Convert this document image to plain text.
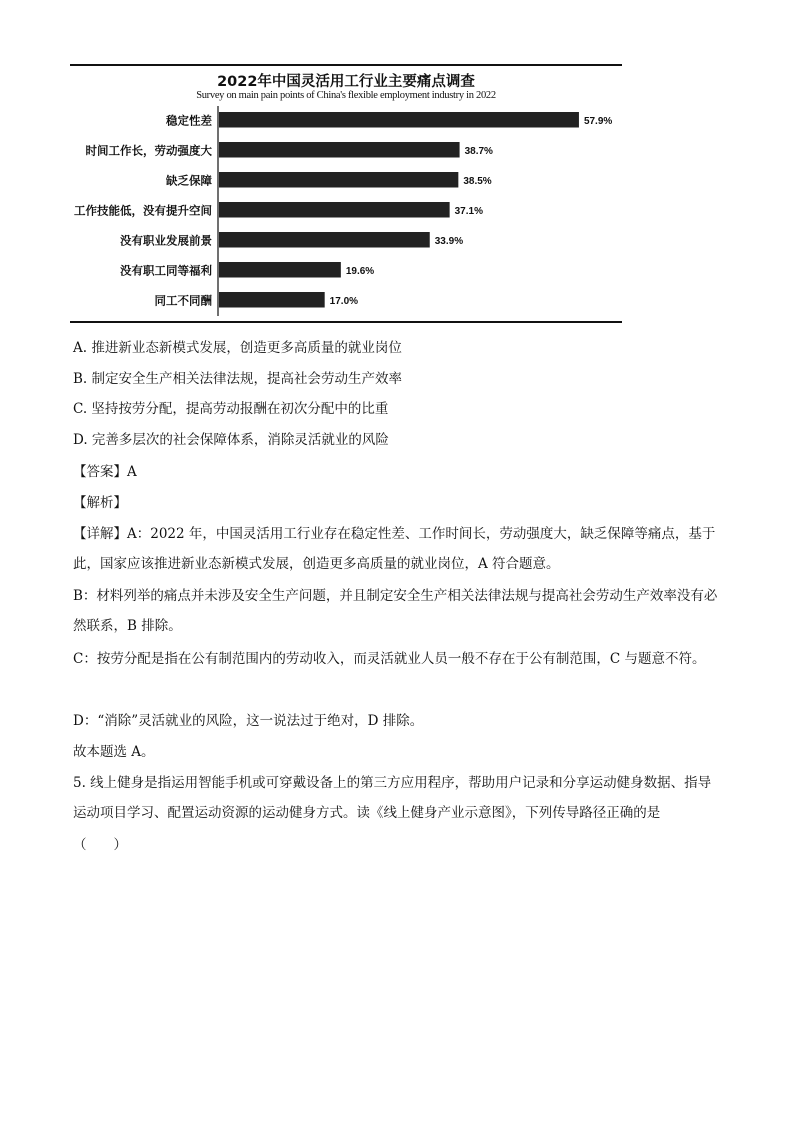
2022年中国灵活用工行业主要痛点调查
Survey on main pain points of China's flexible employment industry in 2022
稳定性差	57.9%
时间工作长，劳动强度大	38.7%
缺乏保障	38.5%
工作技能低，没有提升空间	37.1%
没有职业发展前景	33.9%
没有职工同等福利	19.6%
同工不同酬	17.0%
A. 推进新业态新模式发展，创造更多高质量的就业岗位
B. 制定安全生产相关法律法规，提高社会劳动生产效率
C. 坚持按劳分配，提高劳动报酬在初次分配中的比重
D. 完善多层次的社会保障体系，消除灵活就业的风险
【答案】A
【解析】
【详解】A：2022 年，中国灵活用工行业存在稳定性差、工作时间长，劳动强度大，缺乏保障等痛点，基于此，国家应该推进新业态新模式发展，创造更多高质量的就业岗位，A 符合题意。
B：材料列举的痛点并未涉及安全生产问题，并且制定安全生产相关法律法规与提高社会劳动生产效率没有必然联系，B 排除。
C：按劳分配是指在公有制范围内的劳动收入，而灵活就业人员一般不存在于公有制范围，C 与题意不符。
D：“消除”灵活就业的风险，这一说法过于绝对，D 排除。
故本题选 A。
5. 线上健身是指运用智能手机或可穿戴设备上的第三方应用程序，帮助用户记录和分享运动健身数据、指导运动项目学习、配置运动资源的运动健身方式。读《线上健身产业示意图》，下列传导路径正确的是
（　　）
